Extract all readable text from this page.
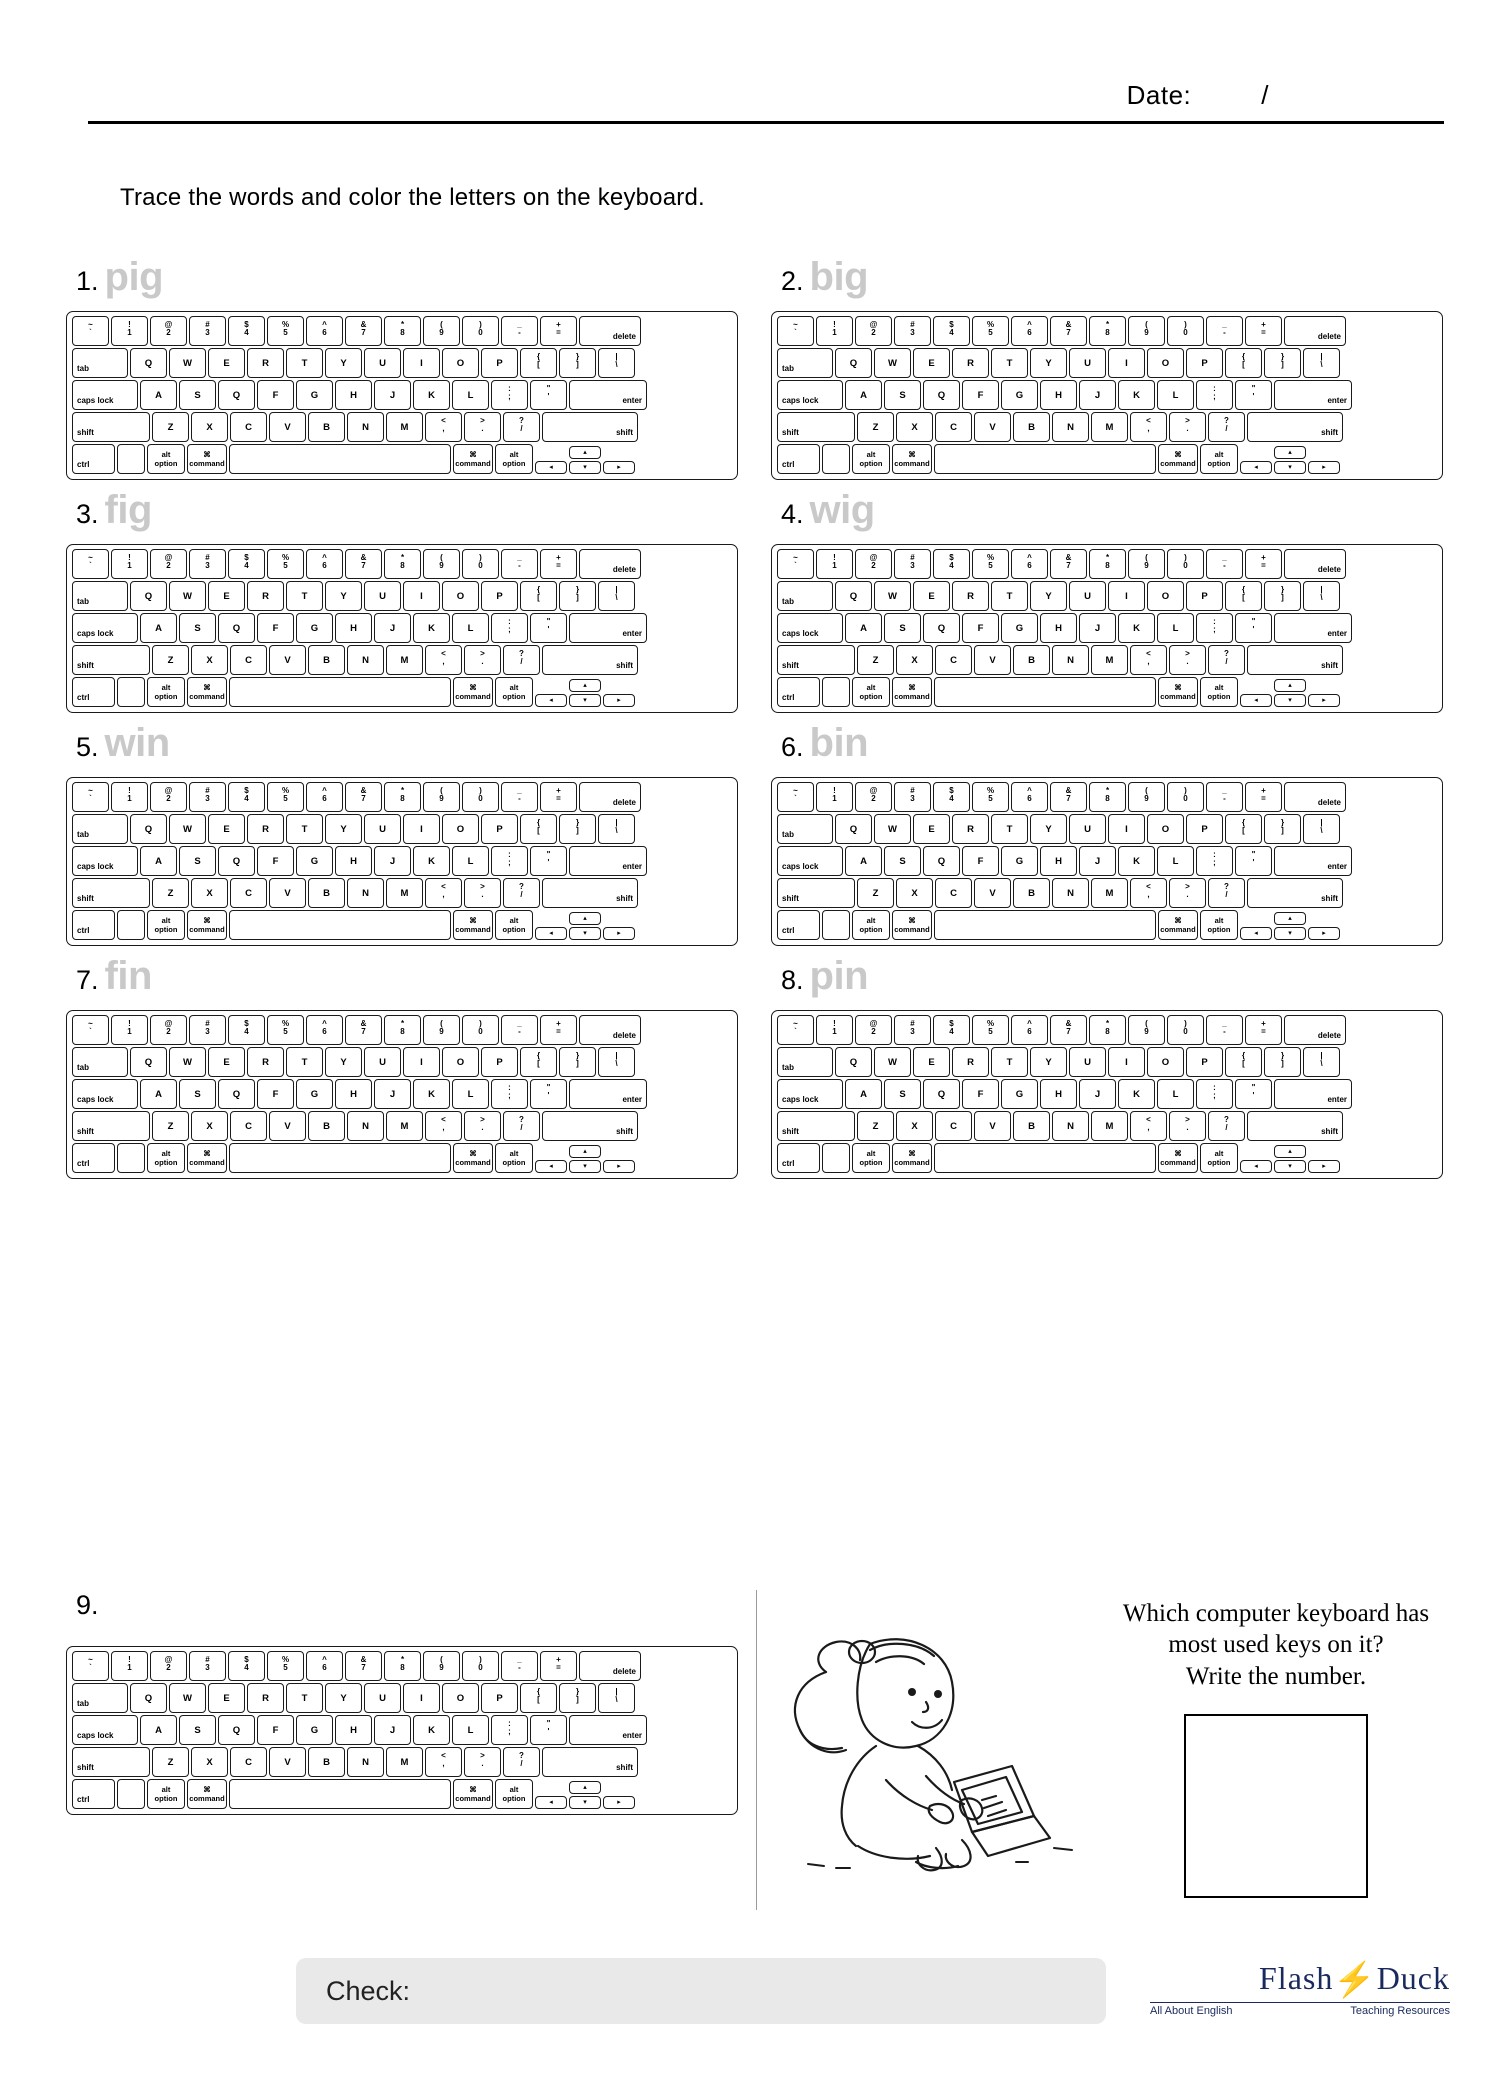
Date:	/
Trace the words and color the letters on the keyboard.
1. pig
~
`
!
1
@
2
#
3
$
4
%
5
^
6
&
7
*
8
(
9
)
0
_
-
+
=	delete
tab	Q	W	E	R	T	Y	U	I	O	P
{
[
}
]
|
\
caps lock	A	S	Q	F	G	H	J	K	L
:
;
"
'	enter
shift	Z	X	C	V	B	N	M
<
,
>
.
?
/	shift
ctrl
alt
option
⌘
command
⌘
command
alt
option
▴
◂	▾	▸
2. big
~
`
!
1
@
2
#
3
$
4
%
5
^
6
&
7
*
8
(
9
)
0
_
-
+
=	delete
tab	Q	W	E	R	T	Y	U	I	O	P
{
[
}
]
|
\
caps lock	A	S	Q	F	G	H	J	K	L
:
;
"
'	enter
shift	Z	X	C	V	B	N	M
<
,
>
.
?
/	shift
ctrl
alt
option
⌘
command
⌘
command
alt
option
▴
◂	▾	▸
3. fig
~
`
!
1
@
2
#
3
$
4
%
5
^
6
&
7
*
8
(
9
)
0
_
-
+
=	delete
tab	Q	W	E	R	T	Y	U	I	O	P
{
[
}
]
|
\
caps lock	A	S	Q	F	G	H	J	K	L
:
;
"
'	enter
shift	Z	X	C	V	B	N	M
<
,
>
.
?
/	shift
ctrl
alt
option
⌘
command
⌘
command
alt
option
▴
◂	▾	▸
4. wig
~
`
!
1
@
2
#
3
$
4
%
5
^
6
&
7
*
8
(
9
)
0
_
-
+
=	delete
tab	Q	W	E	R	T	Y	U	I	O	P
{
[
}
]
|
\
caps lock	A	S	Q	F	G	H	J	K	L
:
;
"
'	enter
shift	Z	X	C	V	B	N	M
<
,
>
.
?
/	shift
ctrl
alt
option
⌘
command
⌘
command
alt
option
▴
◂	▾	▸
5. win
~
`
!
1
@
2
#
3
$
4
%
5
^
6
&
7
*
8
(
9
)
0
_
-
+
=	delete
tab	Q	W	E	R	T	Y	U	I	O	P
{
[
}
]
|
\
caps lock	A	S	Q	F	G	H	J	K	L
:
;
"
'	enter
shift	Z	X	C	V	B	N	M
<
,
>
.
?
/	shift
ctrl
alt
option
⌘
command
⌘
command
alt
option
▴
◂	▾	▸
6. bin
~
`
!
1
@
2
#
3
$
4
%
5
^
6
&
7
*
8
(
9
)
0
_
-
+
=	delete
tab	Q	W	E	R	T	Y	U	I	O	P
{
[
}
]
|
\
caps lock	A	S	Q	F	G	H	J	K	L
:
;
"
'	enter
shift	Z	X	C	V	B	N	M
<
,
>
.
?
/	shift
ctrl
alt
option
⌘
command
⌘
command
alt
option
▴
◂	▾	▸
7. fin
~
`
!
1
@
2
#
3
$
4
%
5
^
6
&
7
*
8
(
9
)
0
_
-
+
=	delete
tab	Q	W	E	R	T	Y	U	I	O	P
{
[
}
]
|
\
caps lock	A	S	Q	F	G	H	J	K	L
:
;
"
'	enter
shift	Z	X	C	V	B	N	M
<
,
>
.
?
/	shift
ctrl
alt
option
⌘
command
⌘
command
alt
option
▴
◂	▾	▸
8. pin
~
`
!
1
@
2
#
3
$
4
%
5
^
6
&
7
*
8
(
9
)
0
_
-
+
=	delete
tab	Q	W	E	R	T	Y	U	I	O	P
{
[
}
]
|
\
caps lock	A	S	Q	F	G	H	J	K	L
:
;
"
'	enter
shift	Z	X	C	V	B	N	M
<
,
>
.
?
/	shift
ctrl
alt
option
⌘
command
⌘
command
alt
option
▴
◂	▾	▸
9.
~
`
!
1
@
2
#
3
$
4
%
5
^
6
&
7
*
8
(
9
)
0
_
-
+
=	delete
tab	Q	W	E	R	T	Y	U	I	O	P
{
[
}
]
|
\
caps lock	A	S	Q	F	G	H	J	K	L
:
;
"
'	enter
shift	Z	X	C	V	B	N	M
<
,
>
.
?
/	shift
ctrl
alt
option
⌘
command
⌘
command
alt
option
▴
◂	▾	▸
Which computer keyboard has
most used keys on it?
Write the number.
Check:	Flash⚡Duck
All About English	Teaching Resources
